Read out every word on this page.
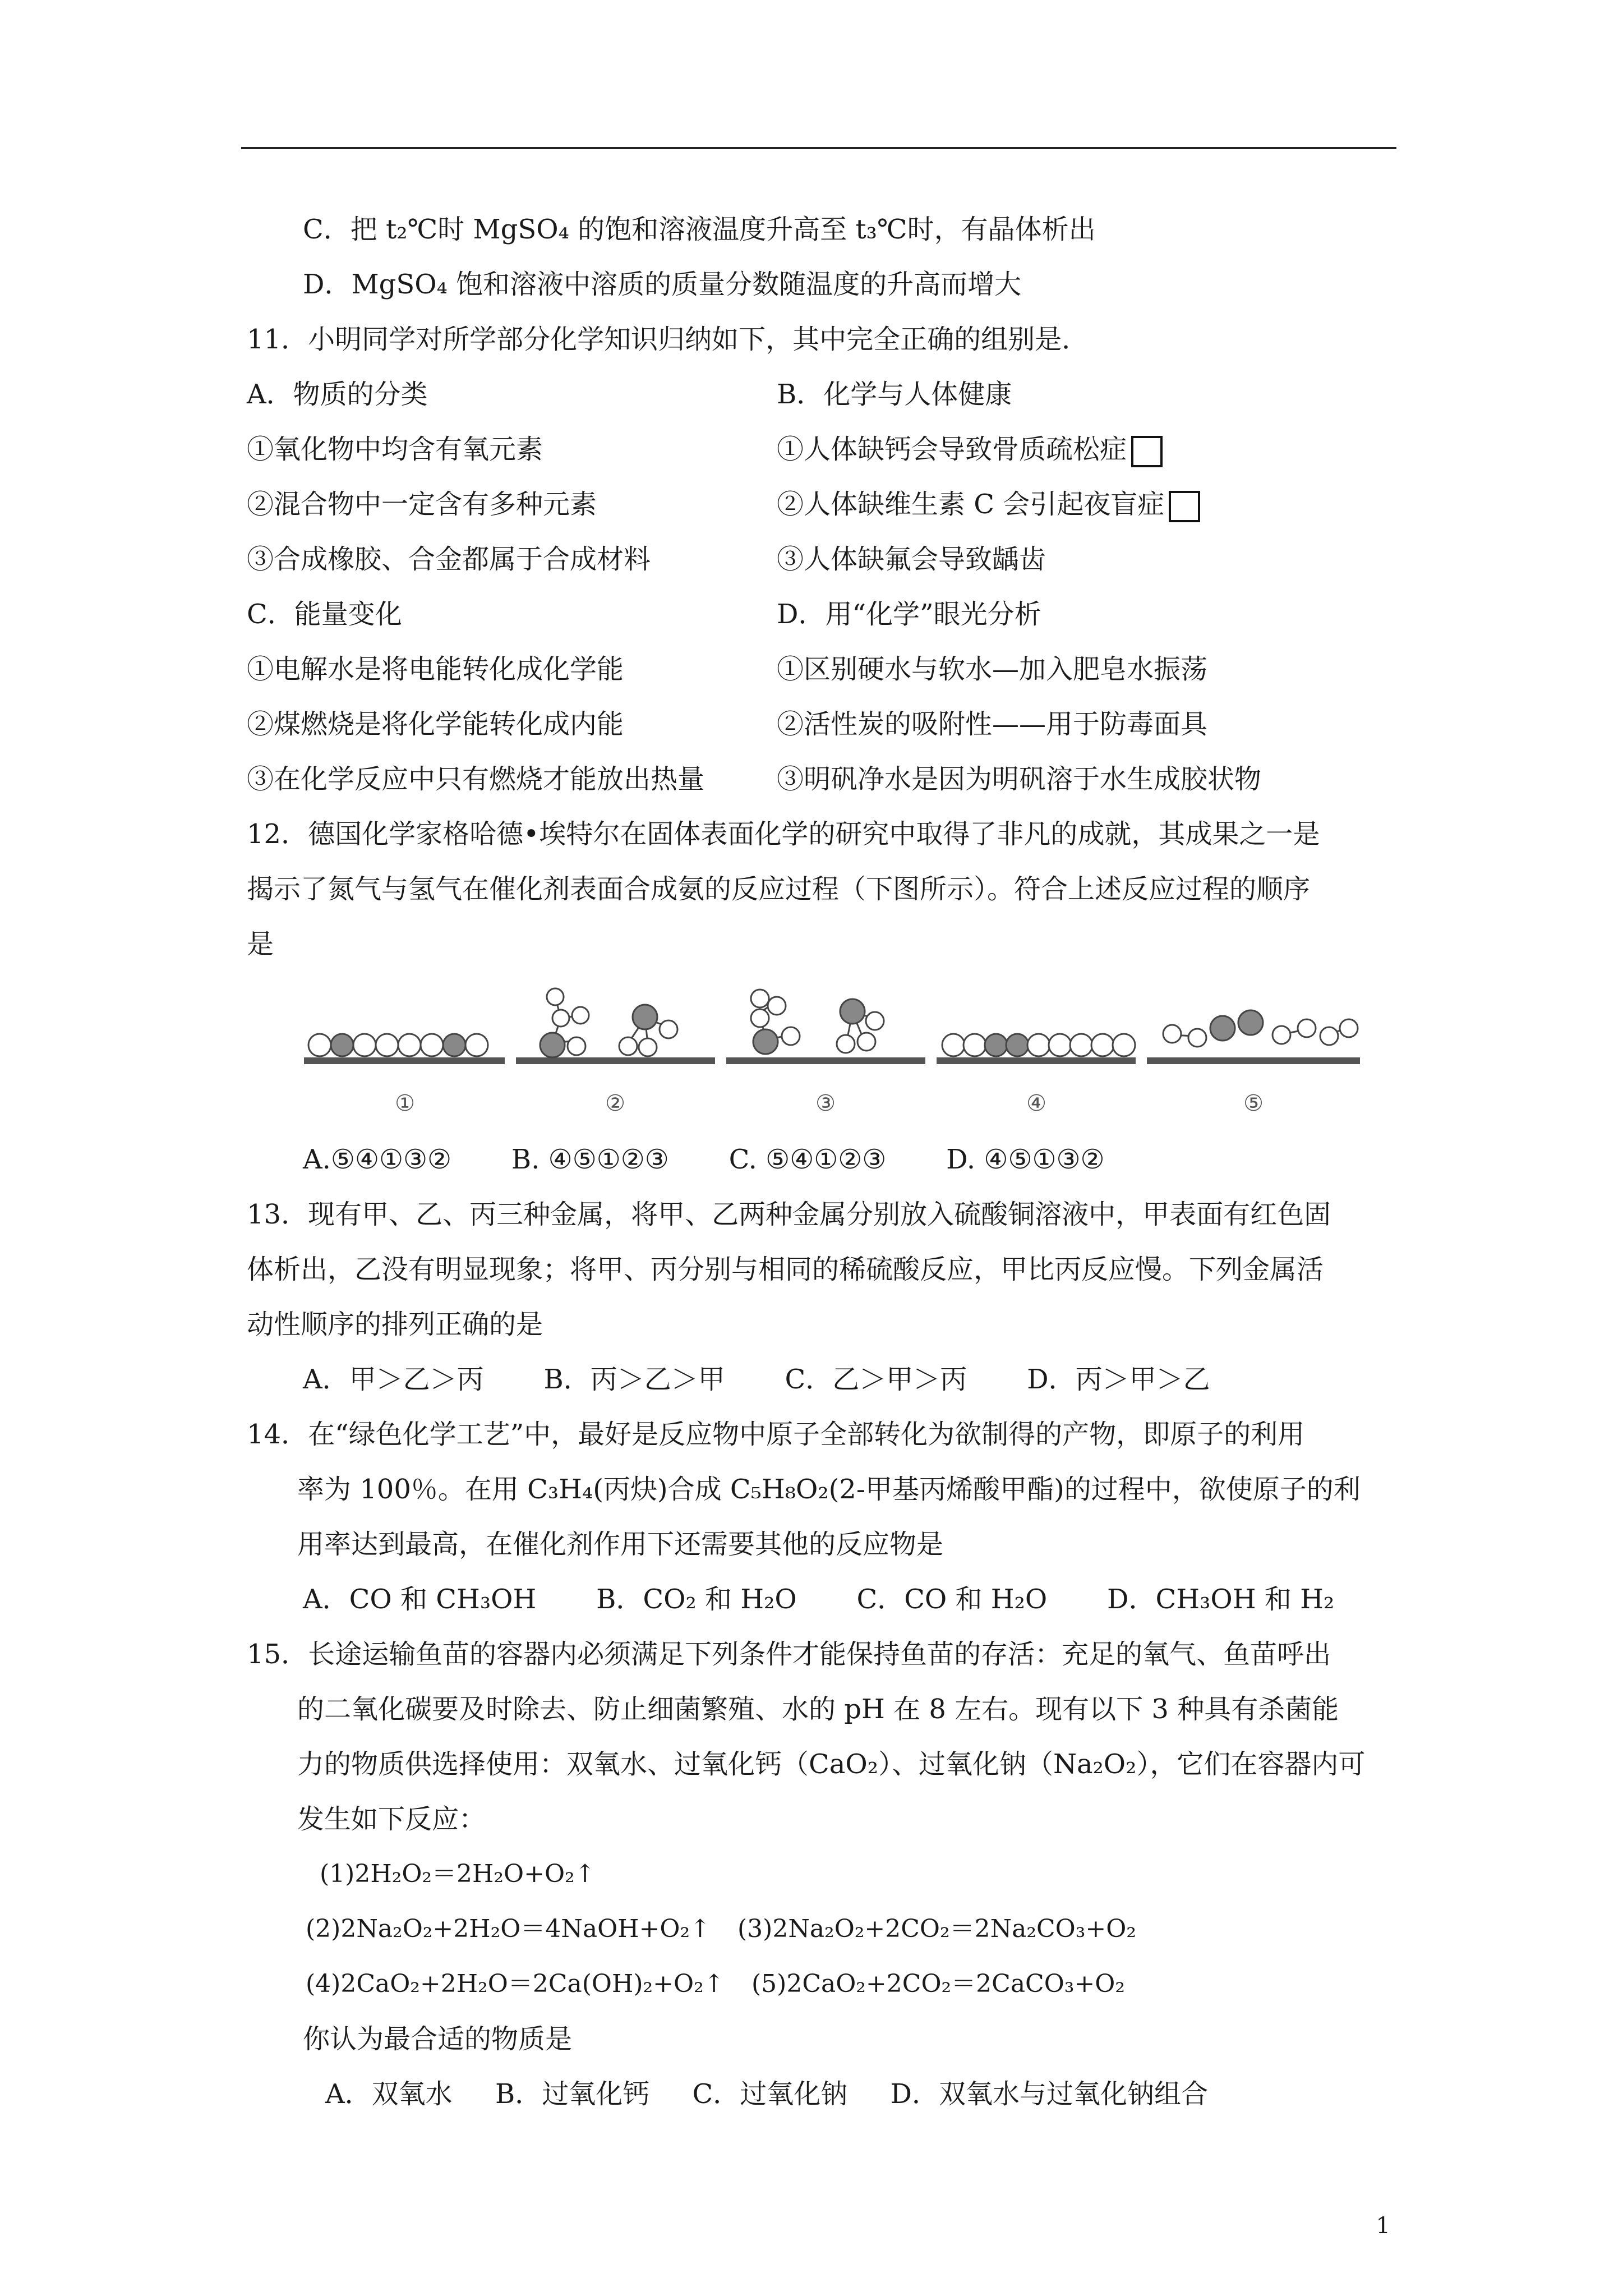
C．把 t₂℃时 MgSO₄ 的饱和溶液温度升高至 t₃℃时，有晶体析出
D．MgSO₄ 饱和溶液中溶质的质量分数随温度的升高而增大
11．小明同学对所学部分化学知识归纳如下，其中完全正确的组别是．
A．物质的分类	B．化学与人体健康
①氧化物中均含有氧元素	①人体缺钙会导致骨质疏松症
②混合物中一定含有多种元素	②人体缺维生素 C 会引起夜盲症
③合成橡胶、合金都属于合成材料	③人体缺氟会导致龋齿
C．能量变化	D．用“化学”眼光分析
①电解水是将电能转化成化学能	①区别硬水与软水—加入肥皂水振荡
②煤燃烧是将化学能转化成内能	②活性炭的吸附性——用于防毒面具
③在化学反应中只有燃烧才能放出热量	③明矾净水是因为明矾溶于水生成胶状物
12．德国化学家格哈德•埃特尔在固体表面化学的研究中取得了非凡的成就，其成果之一是
揭示了氮气与氢气在催化剂表面合成氨的反应过程（下图所示）。符合上述反应过程的顺序
是
①	②	③	④	⑤
A.⑤④①③②       B. ④⑤①②③       C. ⑤④①②③       D. ④⑤①③②
13．现有甲、乙、丙三种金属，将甲、乙两种金属分别放入硫酸铜溶液中，甲表面有红色固
体析出，乙没有明显现象；将甲、丙分别与相同的稀硫酸反应，甲比丙反应慢。下列金属活
动性顺序的排列正确的是
A．甲＞乙＞丙       B．丙＞乙＞甲       C．乙＞甲＞丙       D．丙＞甲＞乙
14．在“绿色化学工艺”中，最好是反应物中原子全部转化为欲制得的产物，即原子的利用
率为 100％。在用 C₃H₄(丙炔)合成 C₅H₈O₂(2-甲基丙烯酸甲酯)的过程中，欲使原子的利
用率达到最高，在催化剂作用下还需要其他的反应物是
A．CO 和 CH₃OH       B．CO₂ 和 H₂O       C．CO 和 H₂O       D．CH₃OH 和 H₂
15．长途运输鱼苗的容器内必须满足下列条件才能保持鱼苗的存活：充足的氧气、鱼苗呼出
的二氧化碳要及时除去、防止细菌繁殖、水的 pH 在 8 左右。现有以下 3 种具有杀菌能
力的物质供选择使用：双氧水、过氧化钙（CaO₂）、过氧化钠（Na₂O₂），它们在容器内可
发生如下反应：
(1)2H₂O₂＝2H₂O+O₂↑
(2)2Na₂O₂+2H₂O＝4NaOH+O₂↑ (3)2Na₂O₂+2CO₂＝2Na₂CO₃+O₂
(4)2CaO₂+2H₂O＝2Ca(OH)₂+O₂↑ (5)2CaO₂+2CO₂＝2CaCO₃+O₂
你认为最合适的物质是
A．双氧水     B．过氧化钙     C．过氧化钠     D．双氧水与过氧化钠组合
1
